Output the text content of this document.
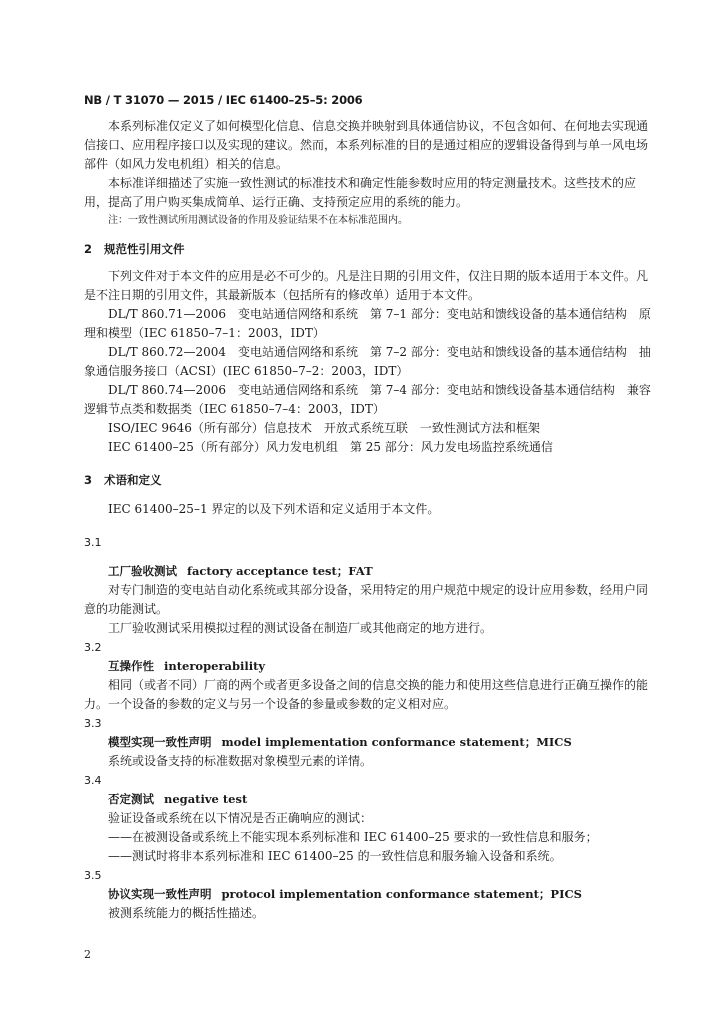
NB / T 31070 — 2015 / IEC 61400–25–5: 2006

本系列标准仅定义了如何模型化信息、信息交换并映射到具体通信协议，不包含如何、在何地去实现通信接口、应用程序接口以及实现的建议。然而，本系列标准的目的是通过相应的逻辑设备得到与单一风电场部件（如风力发电机组）相关的信息。

本标准详细描述了实施一致性测试的标准技术和确定性能参数时应用的特定测量技术。这些技术的应用，提高了用户购买集成简单、运行正确、支持预定应用的系统的能力。

注：一致性测试所用测试设备的作用及验证结果不在本标准范围内。

2 规范性引用文件

下列文件对于本文件的应用是必不可少的。凡是注日期的引用文件，仅注日期的版本适用于本文件。凡是不注日期的引用文件，其最新版本（包括所有的修改单）适用于本文件。

DL/T 860.71—2006　变电站通信网络和系统　第 7–1 部分：变电站和馈线设备的基本通信结构　原理和模型（IEC 61850–7–1：2003，IDT）

DL/T 860.72—2004　变电站通信网络和系统　第 7–2 部分：变电站和馈线设备的基本通信结构　抽象通信服务接口（ACSI）(IEC 61850–7–2：2003，IDT）

DL/T 860.74—2006　变电站通信网络和系统　第 7–4 部分：变电站和馈线设备基本通信结构　兼容逻辑节点类和数据类（IEC 61850–7–4：2003，IDT）

ISO/IEC 9646（所有部分）信息技术　开放式系统互联　一致性测试方法和框架

IEC 61400–25（所有部分）风力发电机组　第 25 部分：风力发电场监控系统通信

3 术语和定义

IEC 61400–25–1 界定的以及下列术语和定义适用于本文件。

3.1
工厂验收测试 factory acceptance test；FAT

对专门制造的变电站自动化系统或其部分设备，采用特定的用户规范中规定的设计应用参数，经用户同意的功能测试。

工厂验收测试采用模拟过程的测试设备在制造厂或其他商定的地方进行。

3.2
互操作性 interoperability

相同（或者不同）厂商的两个或者更多设备之间的信息交换的能力和使用这些信息进行正确互操作的能力。一个设备的参数的定义与另一个设备的参量或参数的定义相对应。

3.3
模型实现一致性声明 model implementation conformance statement；MICS

系统或设备支持的标准数据对象模型元素的详情。

3.4
否定测试 negative test

验证设备或系统在以下情况是否正确响应的测试：

——在被测设备或系统上不能实现本系列标准和 IEC 61400–25 要求的一致性信息和服务；

——测试时将非本系列标准和 IEC 61400–25 的一致性信息和服务输入设备和系统。

3.5
协议实现一致性声明 protocol implementation conformance statement；PICS

被测系统能力的概括性描述。

2
